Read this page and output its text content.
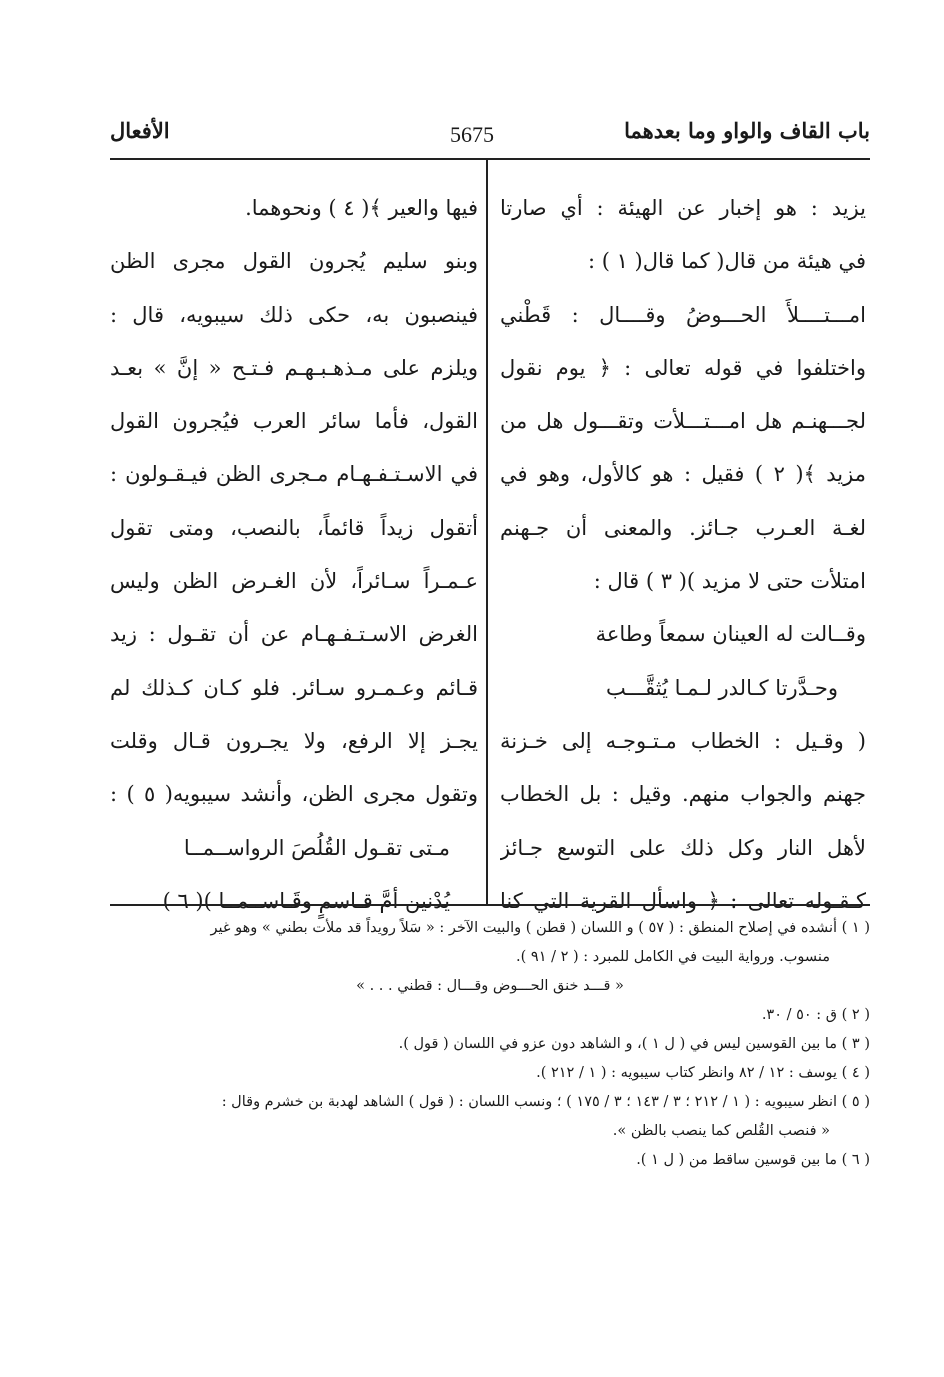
باب القاف والواو وما بعدهما
5675
الأفعال
يزيد : هو إخبار عن الهيئة : أي صارتا
في هيئة من قال( كما قال( ١ ) :
امـــتــــلأَ الحـــوضُ وقــــال : قَطْني
واختلفوا في قوله تعالى : ﴿ يوم نقول
لجـــهنـم هل امـــتـــلأت وتقـــول هل من
مزيد ﴾( ٢ ) فقيل : هو كالأول، وهو في
لغـة العـرب جـائز. والمعنى أن جـهنم
امتلأت حتى لا مزيد )( ٣ ) قال :
وقــالت له العينان سمعاً وطاعة
وحـدَّرتا كـالدر لـمـا يُثقَّـــب
( وقـيل : الخطاب مـتـوجـه إلى خـزنة
جهنم والجواب منهم. وقيل : بل الخطاب
لأهل النار وكل ذلك على التوسع جـائز
كـقـوله تعالى : ﴿ واسأل القرية التي كنا
فيها والعير ﴾( ٤ ) ونحوهما.
وبنو سليم يُجرون القول مجرى الظن
فينصبون به، حكى ذلك سيبويه، قال :
ويلزم على مـذهـبـهـم فـتـح « إنَّ » بعـد
القول، فأما سائر العرب فيُجرون القول
في الاسـتـفـهـام مـجرى الظن فيـقـولون :
أتقول زيداً قائماً، بالنصب، ومتى تقول
عـمـراً سـائراً، لأن الغـرض الظن وليس
الغرض الاسـتـفـهـام عن أن تقـول : زيد
قـائم وعـمـرو سـائر. فلو كـان كـذلك لم
يجـز إلا الرفع، ولا يجـرون قـال وقلت
وتقول مجرى الظن، وأنشد سيبويه( ٥ ) :
مـتى تقـول القُلُصَ الرواســمــا
يُدْنين أمَّ قـاسمٍ وقَـاســمــا )( ٦ )
( ١ ) أنشده في إصلاح المنطق : ( ٥٧ ) و اللسان ( قطن ) والبيت الآخر : « سَلاً رويداً قد ملأت بطني » وهو غير
منسوب. ورواية البيت في الكامل للمبرد : ( ٢ / ٩١ ).
« قـــد خنق الحـــوض وقـــال : قطني . . . »
( ٢ ) ق : ٥٠ / ٣٠.
( ٣ ) ما بين القوسين ليس في ( ل ١ )، و الشاهد دون عزو في اللسان ( قول ).
( ٤ ) يوسف : ١٢ / ٨٢ وانظر كتاب سيبويه : ( ١ / ٢١٢ ).
( ٥ ) انظر سيبويه : ( ١ / ٢١٢ ؛ ٣ / ١٤٣ ؛ ٣ / ١٧٥ ) ؛ ونسب اللسان : ( قول ) الشاهد لهدبة بن خشرم وقال :
« فنصب القُلص كما ينصب بالظن ».
( ٦ ) ما بين قوسين ساقط من ( ل ١ ).
